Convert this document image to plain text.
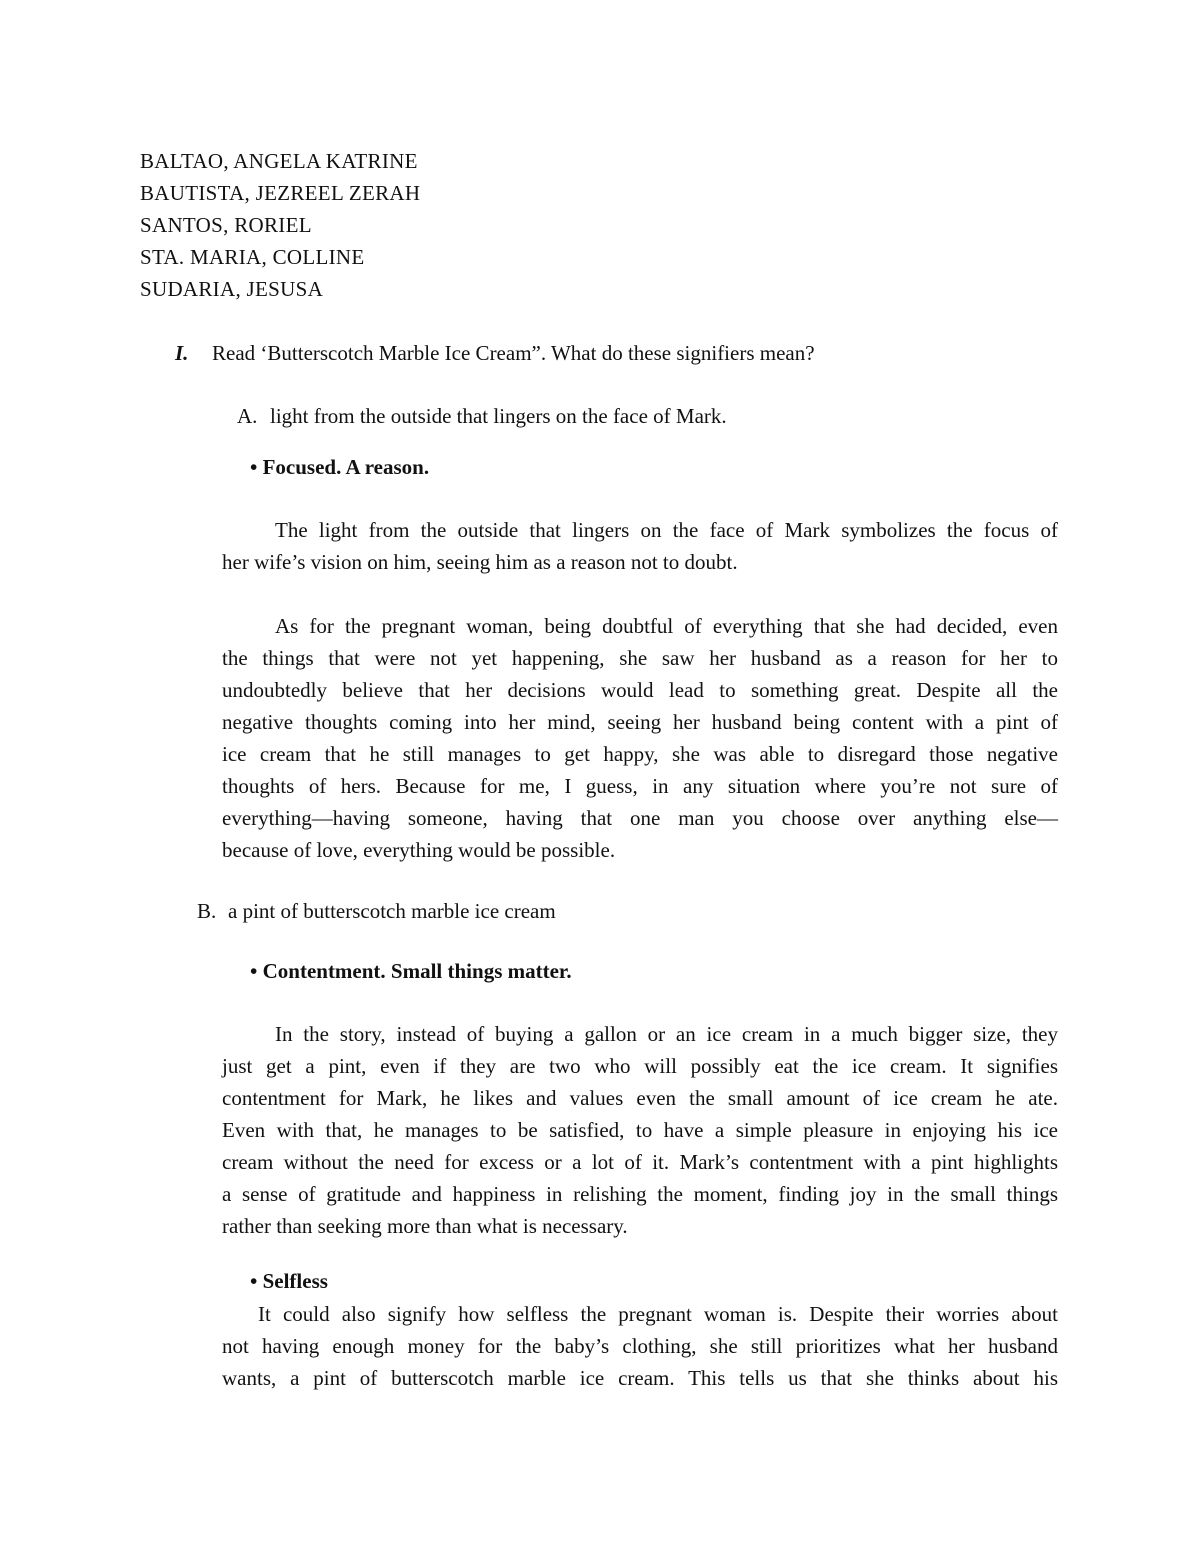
BALTAO, ANGELA KATRINE
BAUTISTA, JEZREEL ZERAH
SANTOS, RORIEL
STA. MARIA, COLLINE
SUDARIA, JESUSA
I. Read ‘Butterscotch Marble Ice Cream”. What do these signifiers mean?
A. light from the outside that lingers on the face of Mark.
• Focused. A reason.
The light from the outside that lingers on the face of Mark symbolizes the focus of
her wife’s vision on him, seeing him as a reason not to doubt.
As for the pregnant woman, being doubtful of everything that she had decided, even
the things that were not yet happening, she saw her husband as a reason for her to
undoubtedly believe that her decisions would lead to something great. Despite all the
negative thoughts coming into her mind, seeing her husband being content with a pint of
ice cream that he still manages to get happy, she was able to disregard those negative
thoughts of hers. Because for me, I guess, in any situation where you’re not sure of
everything—having someone, having that one man you choose over anything else—
because of love, everything would be possible.
B. a pint of butterscotch marble ice cream
• Contentment. Small things matter.
In the story, instead of buying a gallon or an ice cream in a much bigger size, they
just get a pint, even if they are two who will possibly eat the ice cream. It signifies
contentment for Mark, he likes and values even the small amount of ice cream he ate.
Even with that, he manages to be satisfied, to have a simple pleasure in enjoying his ice
cream without the need for excess or a lot of it. Mark’s contentment with a pint highlights
a sense of gratitude and happiness in relishing the moment, finding joy in the small things
rather than seeking more than what is necessary.
• Selfless
It could also signify how selfless the pregnant woman is. Despite their worries about
not having enough money for the baby’s clothing, she still prioritizes what her husband
wants, a pint of butterscotch marble ice cream. This tells us that she thinks about his
